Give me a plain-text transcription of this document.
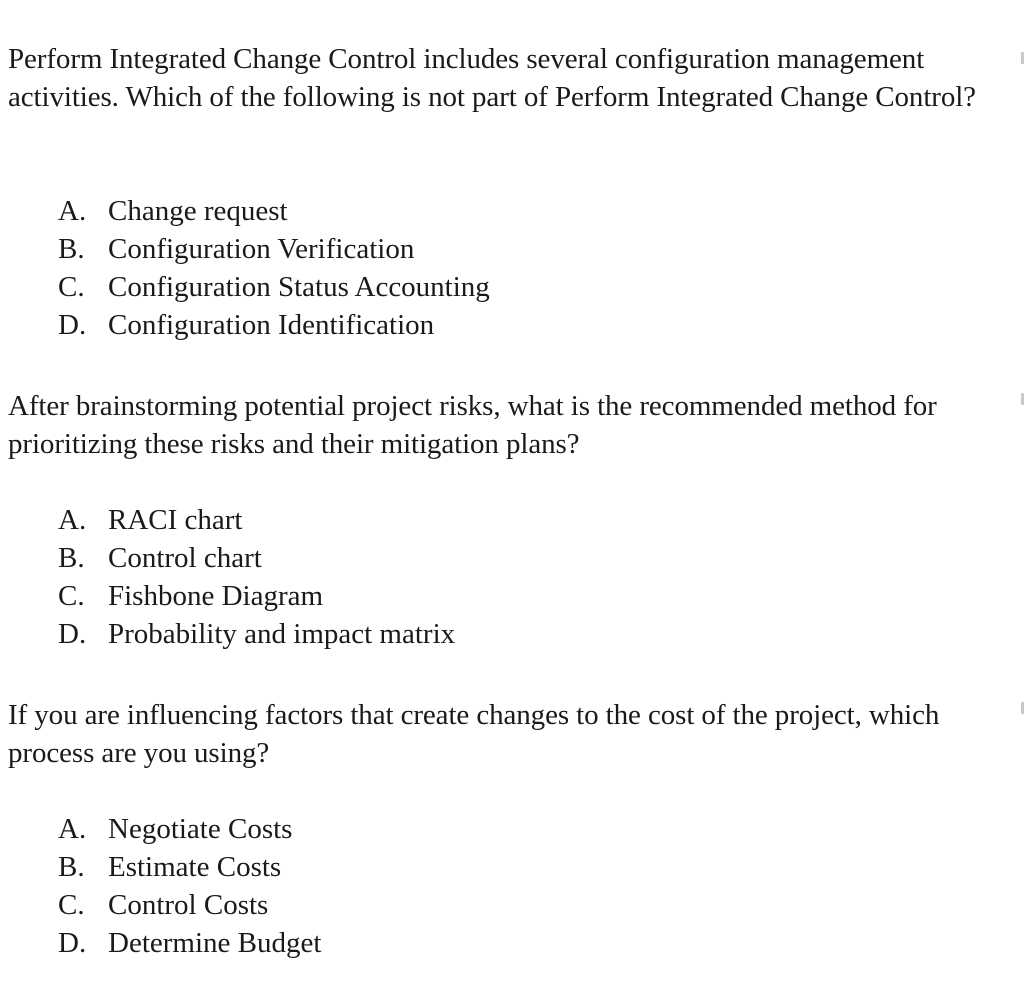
Perform Integrated Change Control includes several configuration management activities. Which of the following is not part of Perform Integrated Change Control?

A. Change request
B. Configuration Verification
C. Configuration Status Accounting
D. Configuration Identification

After brainstorming potential project risks, what is the recommended method for prioritizing these risks and their mitigation plans?

A. RACI chart
B. Control chart
C. Fishbone Diagram
D. Probability and impact matrix

If you are influencing factors that create changes to the cost of the project, which process are you using?

A. Negotiate Costs
B. Estimate Costs
C. Control Costs
D. Determine Budget
